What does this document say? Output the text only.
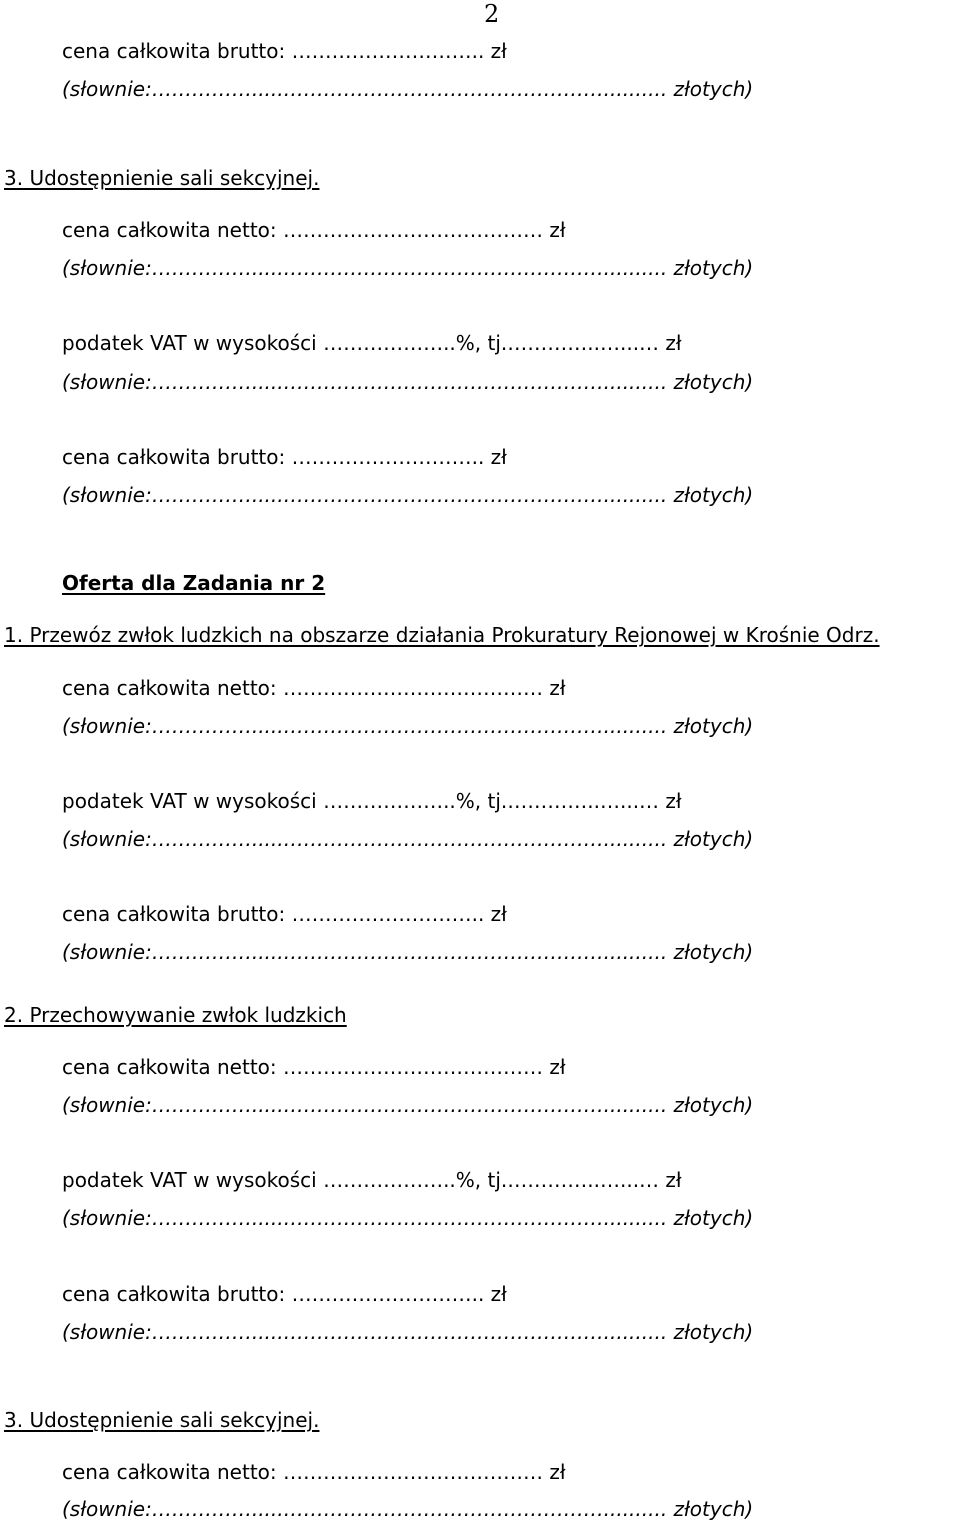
2
cena całkowita brutto: ……………………….. zł
(słownie:…………….....………………………………………….......... złotych)
3. Udostępnienie sali sekcyjnej.
cena całkowita netto: ………………………………… zł
(słownie:…………….....………………………………………….......... złotych)
podatek VAT w wysokości ………………..%, tj.…………..…...… zł
(słownie:…………….....………………………………………….......... złotych)
cena całkowita brutto: ……………………….. zł
(słownie:…………….....………………………………………….......... złotych)
Oferta dla Zadania nr 2
1. Przewóz zwłok ludzkich na obszarze działania Prokuratury Rejonowej w Krośnie Odrz.
cena całkowita netto: ………………………………… zł
(słownie:…………….....………………………………………….......... złotych)
podatek VAT w wysokości ………………..%, tj.…………..…...… zł
(słownie:…………….....………………………………………….......... złotych)
cena całkowita brutto: ……………………….. zł
(słownie:…………….....………………………………………….......... złotych)
2. Przechowywanie zwłok ludzkich
cena całkowita netto: ………………………………… zł
(słownie:…………….....………………………………………….......... złotych)
podatek VAT w wysokości ………………..%, tj.…………..…...… zł
(słownie:…………….....………………………………………….......... złotych)
cena całkowita brutto: ……………………….. zł
(słownie:…………….....………………………………………….......... złotych)
3. Udostępnienie sali sekcyjnej.
cena całkowita netto: ………………………………… zł
(słownie:…………….....………………………………………….......... złotych)
